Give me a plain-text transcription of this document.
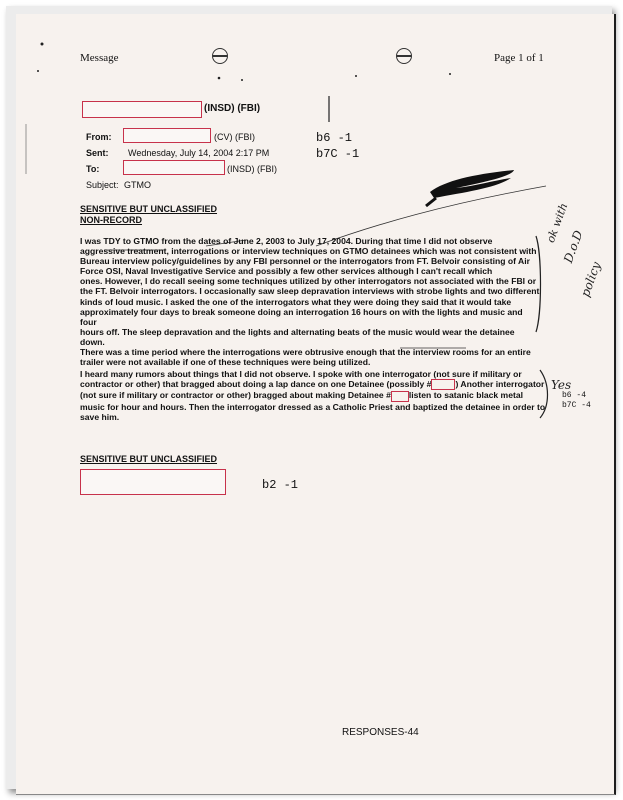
Message	Page 1 of 1
(INSD) (FBI)
From:	(CV) (FBI)
Sent: Wednesday, July 14, 2004 2:17 PM
To:	(INSD) (FBI)
Subject: GTMO
b6 -1
b7C -1
SENSITIVE BUT UNCLASSIFIED
NON-RECORD
I was TDY to GTMO from the dates of June 2, 2003 to July 17, 2004. During that time I did not observe
aggressive treatment, interrogations or interview techniques on GTMO detainees which was not consistent with
Bureau interview policy/guidelines by any FBI personnel or the interrogators from FT. Belvoir consisting of Air
Force OSI, Naval Investigative Service and possibly a few other services although I can't recall which
ones. However, I do recall seeing some techniques utilized by other interrogators not associated with the FBI or
the FT. Belvoir interrogators. I occasionally saw sleep depravation interviews with strobe lights and two different
kinds of loud music. I asked the one of the interrogators what they were doing they said that it would take
approximately four days to break someone doing an interrogation 16 hours on with the lights and music and four
hours off. The sleep depravation and the lights and alternating beats of the music would wear the detainee down.
There was a time period where the interrogations were obtrusive enough that the interview rooms for an entire
trailer were not available if one of these techniques were being utilized.
I heard many rumors about things that I did not observe. I spoke with one interrogator (not sure if military or
contractor or other) that bragged about doing a lap dance on one Detainee (possibly #	) Another interrogator
(not sure if military or contractor or other) bragged about making Detainee # listen to satanic black metal
music for hour and hours. Then the interrogator dressed as a Catholic Priest and baptized the detainee in order to
save him.
ok with
D.o.D
policy
Yes
b6 -4
b7C -4
SENSITIVE BUT UNCLASSIFIED
b2 -1
RESPONSES-44
